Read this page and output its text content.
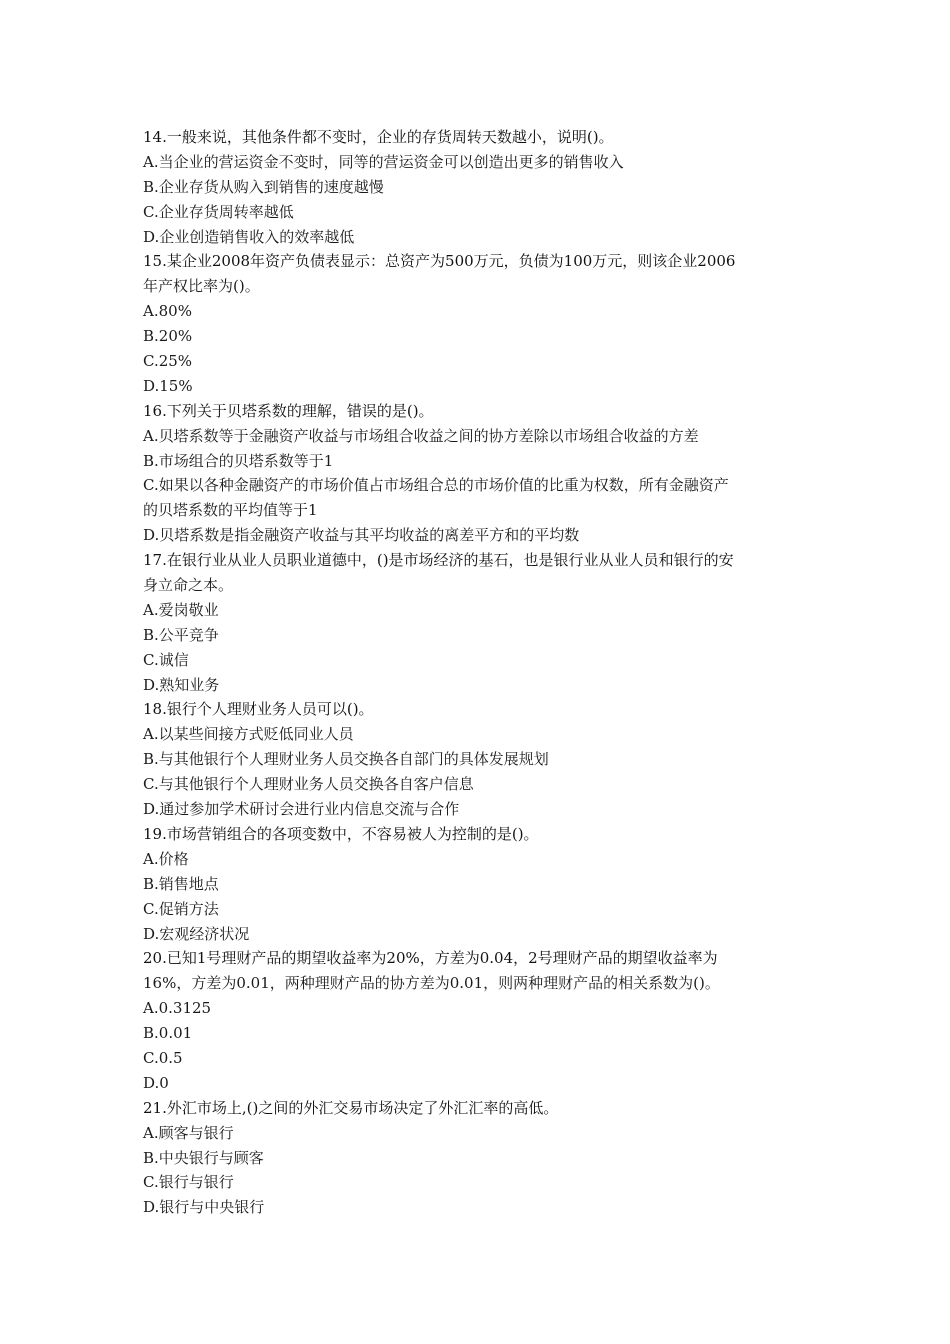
14.一般来说，其他条件都不变时，企业的存货周转天数越小，说明()。
A.当企业的营运资金不变时，同等的营运资金可以创造出更多的销售收入
B.企业存货从购入到销售的速度越慢
C.企业存货周转率越低
D.企业创造销售收入的效率越低
15.某企业2008年资产负债表显示：总资产为500万元，负债为100万元，则该企业2006
年产权比率为()。
A.80%
B.20%
C.25%
D.15%
16.下列关于贝塔系数的理解，错误的是()。
A.贝塔系数等于金融资产收益与市场组合收益之间的协方差除以市场组合收益的方差
B.市场组合的贝塔系数等于1
C.如果以各种金融资产的市场价值占市场组合总的市场价值的比重为权数，所有金融资产
的贝塔系数的平均值等于1
D.贝塔系数是指金融资产收益与其平均收益的离差平方和的平均数
17.在银行业从业人员职业道德中，()是市场经济的基石，也是银行业从业人员和银行的安
身立命之本。
A.爱岗敬业
B.公平竞争
C.诚信
D.熟知业务
18.银行个人理财业务人员可以()。
A.以某些间接方式贬低同业人员
B.与其他银行个人理财业务人员交换各自部门的具体发展规划
C.与其他银行个人理财业务人员交换各自客户信息
D.通过参加学术研讨会进行业内信息交流与合作
19.市场营销组合的各项变数中，不容易被人为控制的是()。
A.价格
B.销售地点
C.促销方法
D.宏观经济状况
20.已知1号理财产品的期望收益率为20%，方差为0.04，2号理财产品的期望收益率为
16%，方差为0.01，两种理财产品的协方差为0.01，则两种理财产品的相关系数为()。
A.0.3125
B.0.01
C.0.5
D.0
21.外汇市场上,()之间的外汇交易市场决定了外汇汇率的高低。
A.顾客与银行
B.中央银行与顾客
C.银行与银行
D.银行与中央银行
